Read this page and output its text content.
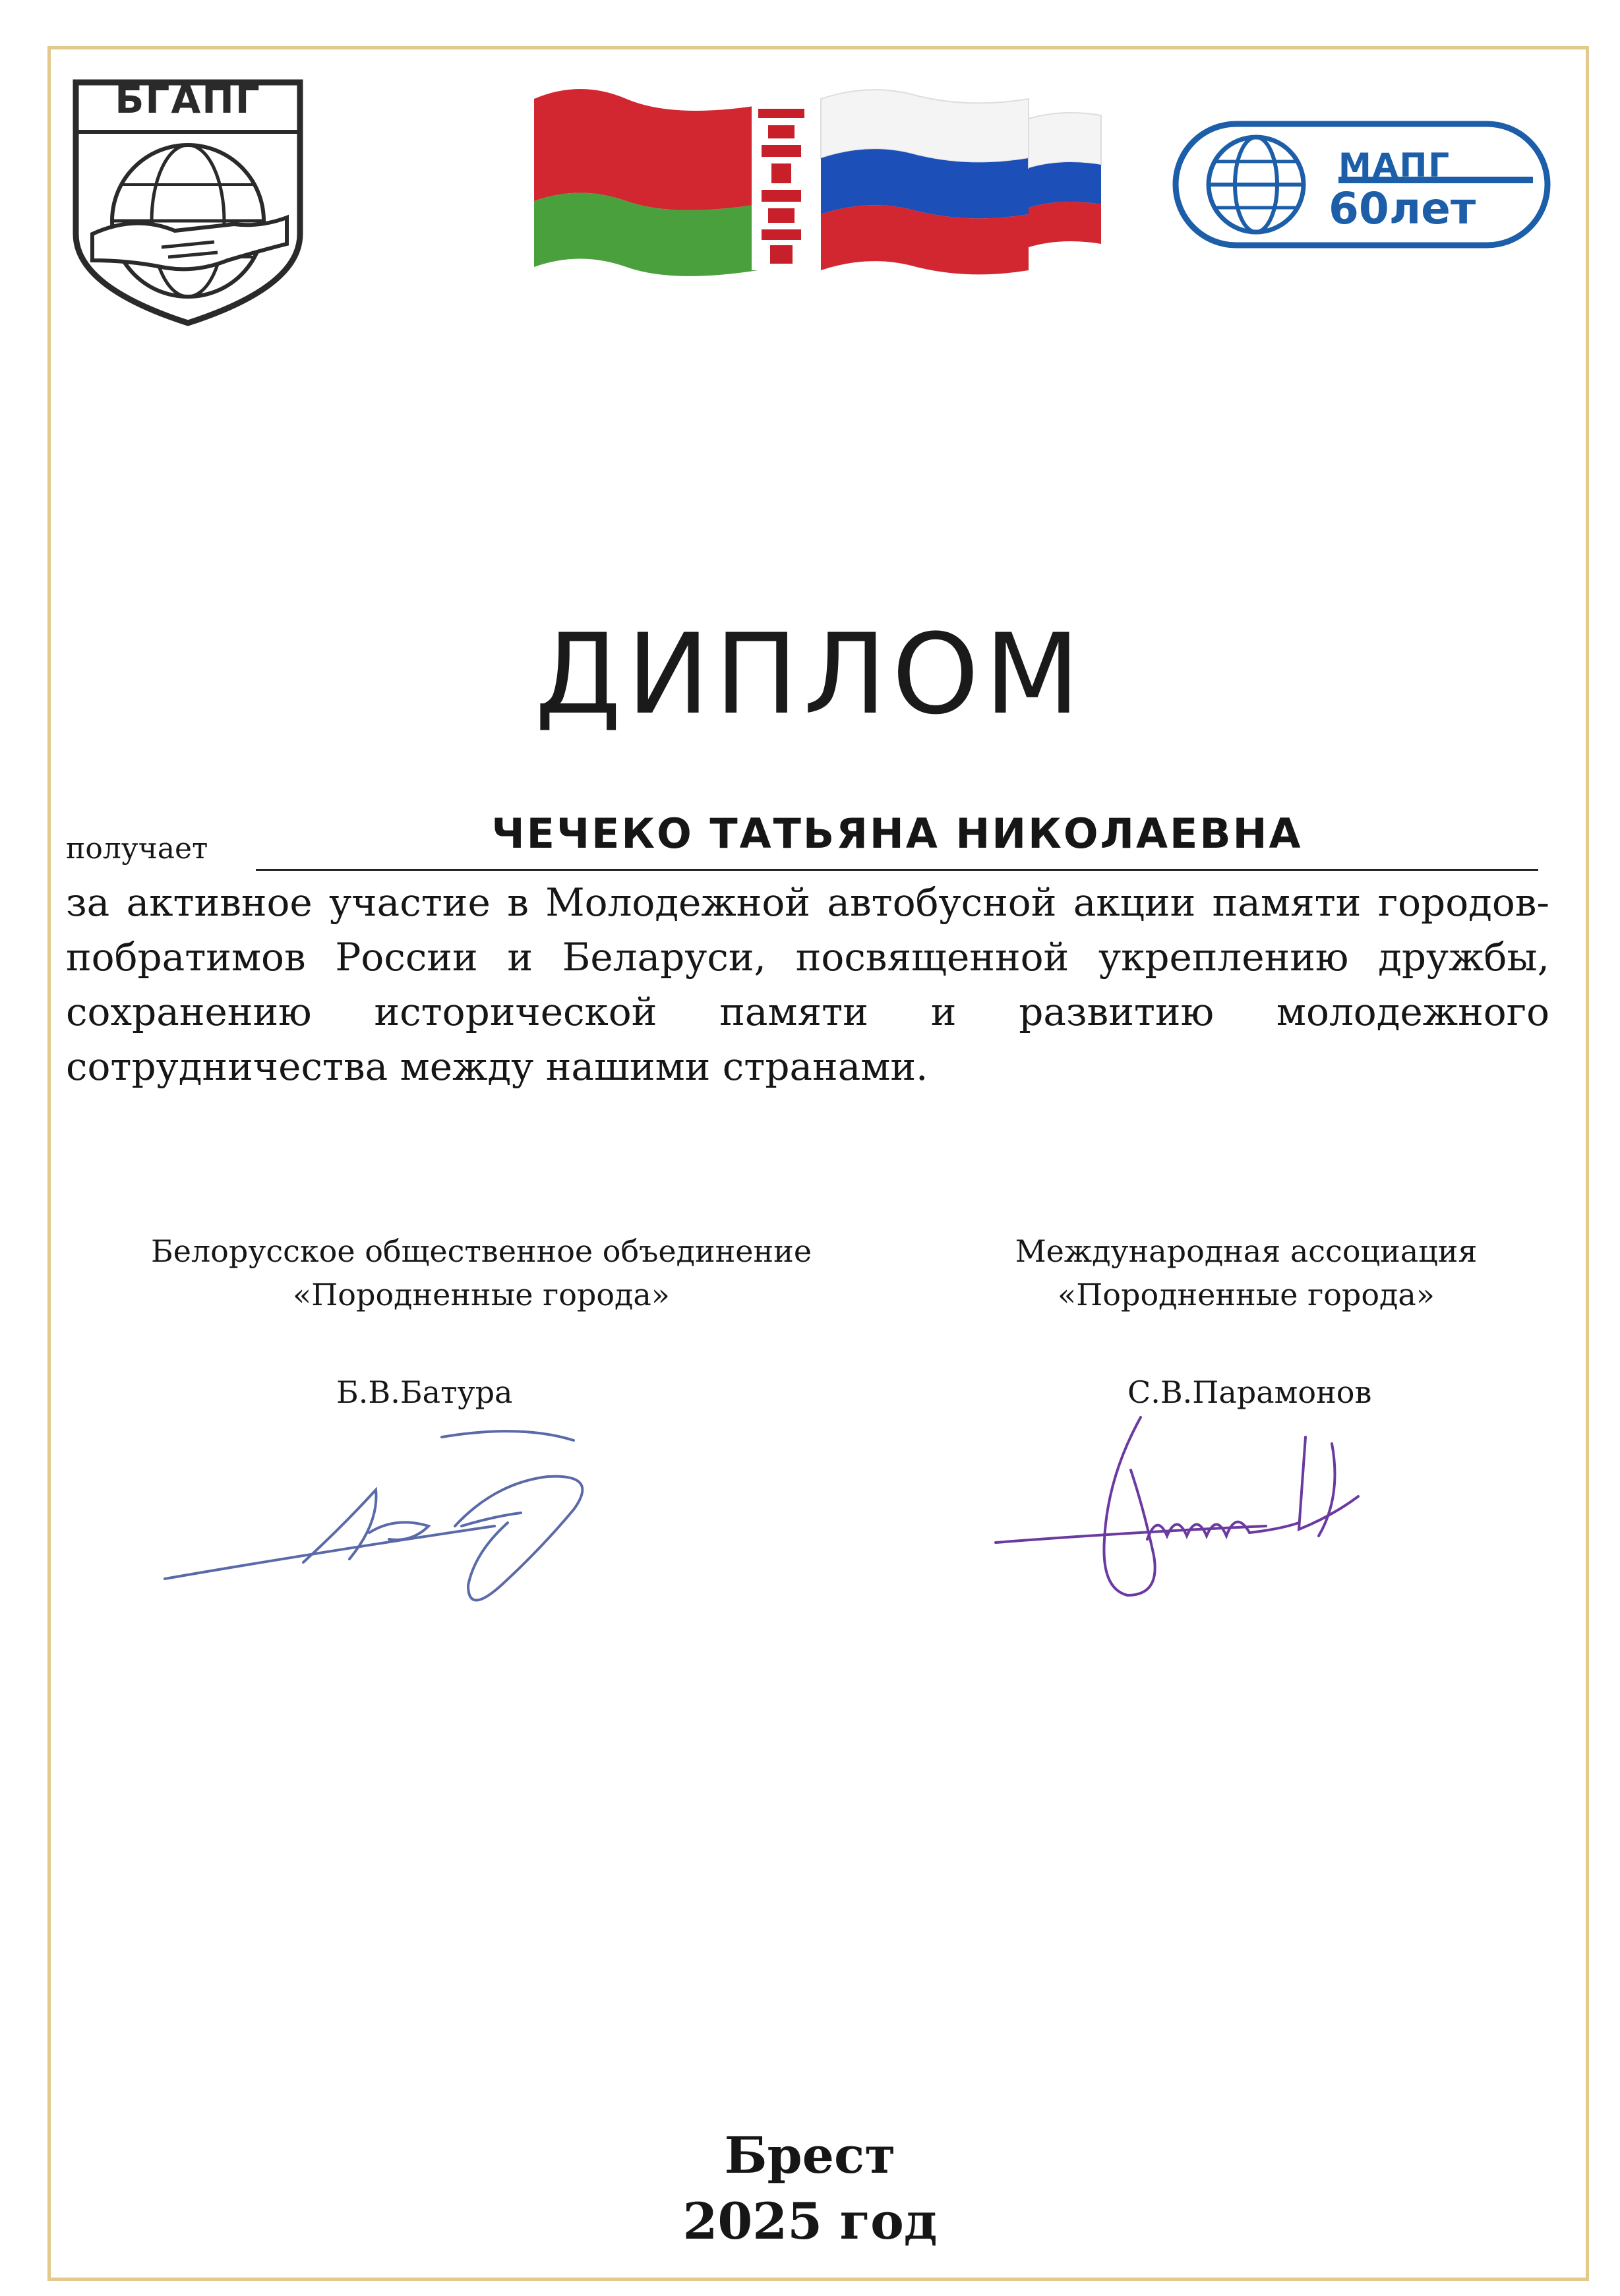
БГАПГ
МАПГ
60лет
ДИПЛОМ
получает	ЧЕЧЕКО ТАТЬЯНА НИКОЛАЕВНА
за активное участие в Молодежной автобусной акции памяти городов-побратимов России и Беларуси, посвященной укреплению дружбы, сохранению исторической памяти и развитию молодежного сотрудничества между нашими странами.
Белорусское общественное объединение
«Породненные города»
Международная ассоциация
«Породненные города»
Б.В.Батура	С.В.Парамонов
Брест
2025 год
